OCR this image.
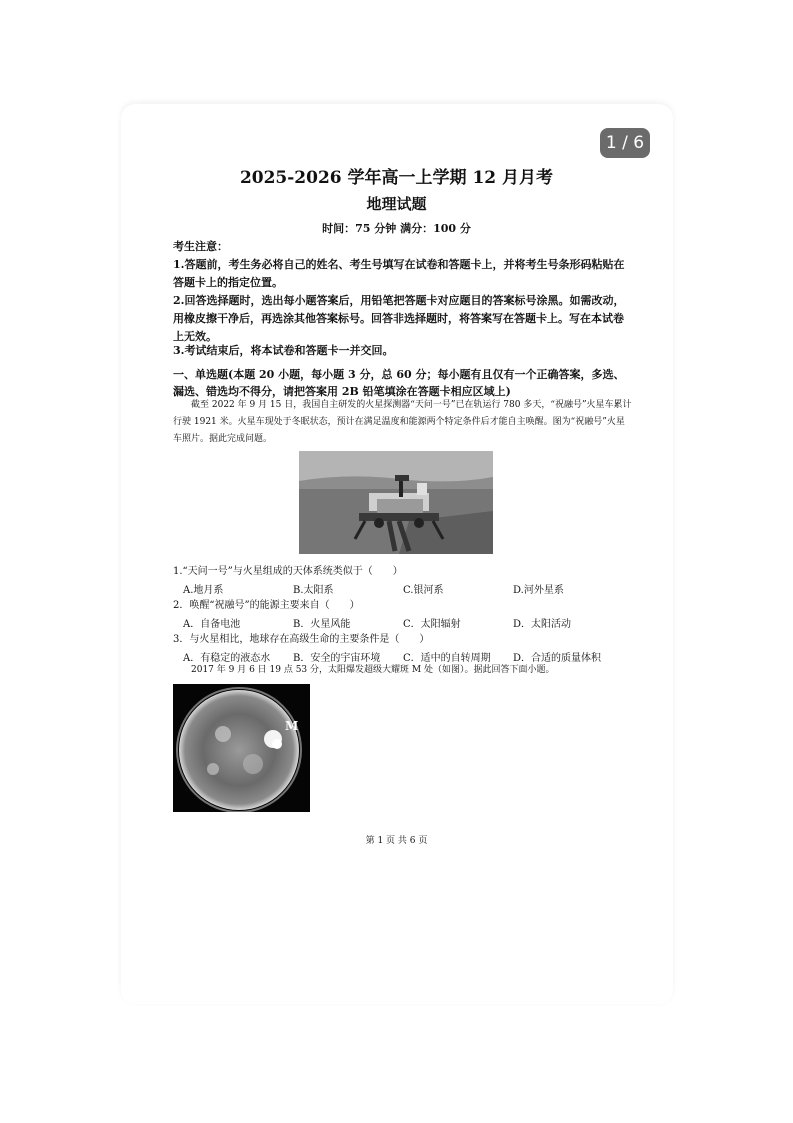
1 / 6
2025-2026 学年高一上学期 12 月月考
地理试题
时间：75 分钟 满分：100 分
考生注意：
1.答题前，考生务必将自己的姓名、考生号填写在试卷和答题卡上，并将考生号条形码粘贴在答题卡上的指定位置。
2.回答选择题时，选出每小题答案后，用铅笔把答题卡对应题目的答案标号涂黑。如需改动，用橡皮擦干净后，再选涂其他答案标号。回答非选择题时，将答案写在答题卡上。写在本试卷上无效。
3.考试结束后，将本试卷和答题卡一并交回。
一、单选题(本题 20 小题，每小题 3 分，总 60 分；每小题有且仅有一个正确答案，多选、漏选、错选均不得分，请把答案用 2B 铅笔填涂在答题卡相应区域上)
截至 2022 年 9 月 15 日，我国自主研发的火星探测器“天问一号”已在轨运行 780 多天，“祝融号”火星车累计行驶 1921 米。火星车现处于冬眠状态，预计在满足温度和能源两个特定条件后才能自主唤醒。图为“祝融号”火星车照片。据此完成问题。
1.“天问一号”与火星组成的天体系统类似于（　　）
A.地月系	B.太阳系	C.银河系	D.河外星系
2．唤醒“祝融号”的能源主要来自（　　）
A．自备电池	B．火星风能	C．太阳辐射	D．太阳活动
3．与火星相比，地球存在高级生命的主要条件是（　　）
A．有稳定的液态水	B．安全的宇宙环境	C．适中的自转周期	D．合适的质量体积
2017 年 9 月 6 日 19 点 53 分，太阳爆发超级大耀斑 M 处（如图）。据此回答下面小题。
M
第 1 页 共 6 页
